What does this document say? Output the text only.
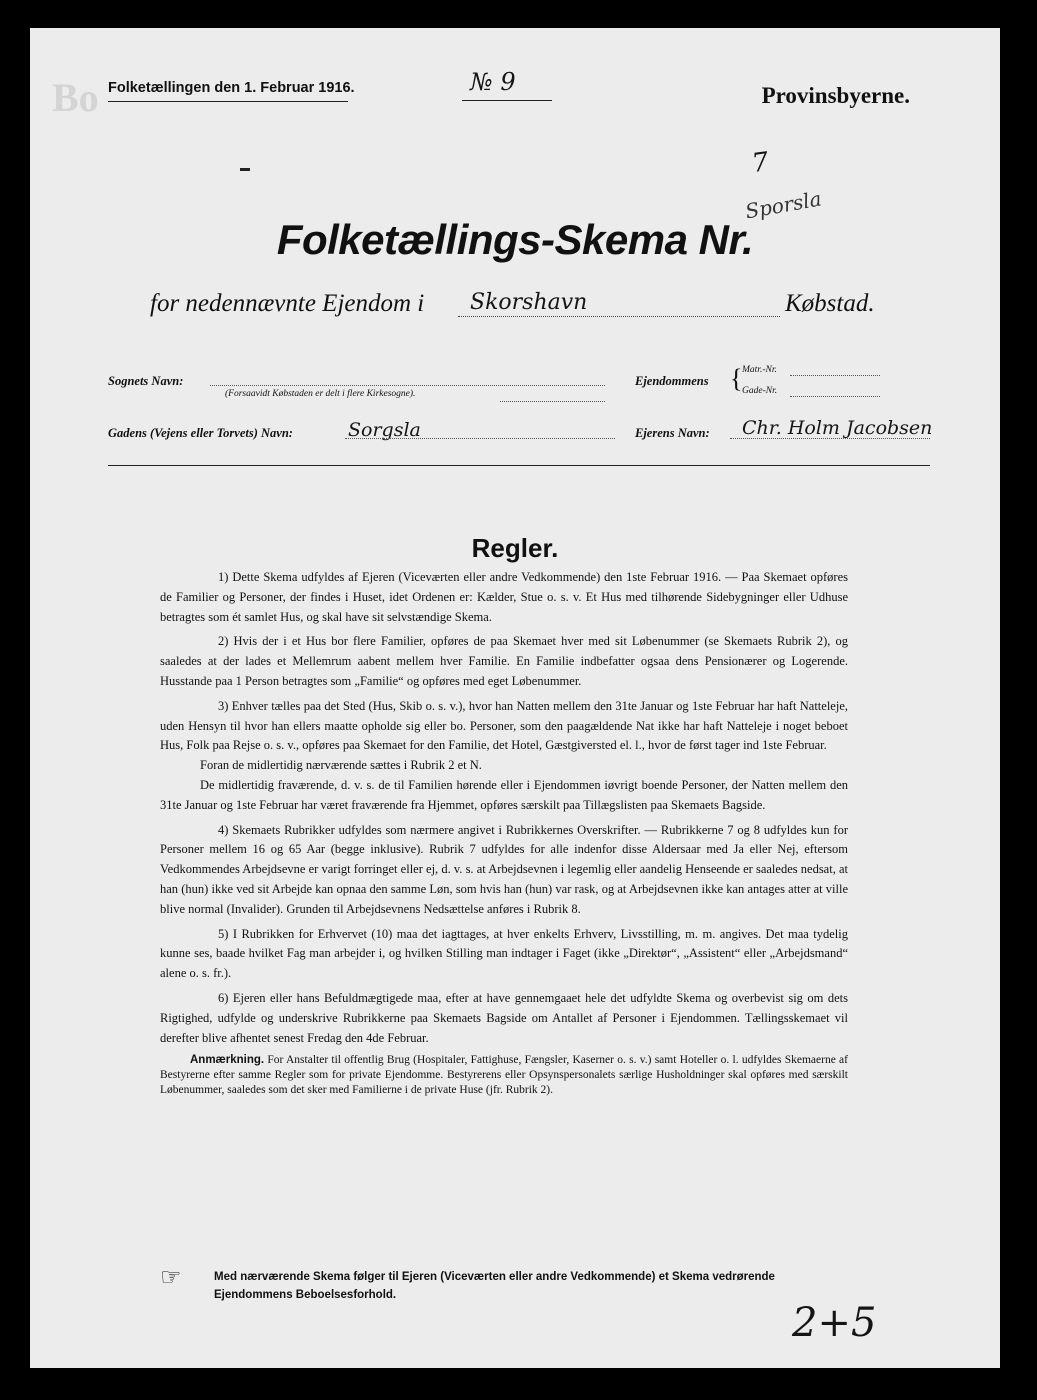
Bo Folketællingen den 1. Februar 1916.	№ 9	Provinsbyerne.
7
Sporsla
Folketællings-Skema Nr.
for nedennævnte Ejendom i Skorshavn	Købstad.
Sognets Navn:
(Forsaavidt Købstaden er delt i flere Kirkesogne).
Ejendommens { Matr.-Nr.
Gade-Nr.
Gadens (Vejens eller Torvets) Navn:	Sorgsla	Ejerens Navn: Chr. Holm Jacobsen
Regler.

1) Dette Skema udfyldes af Ejeren (Viceværten eller andre Vedkommende) den 1ste Februar 1916. — Paa Skemaet opføres de Familier og Personer, der findes i Huset, idet Ordenen er: Kælder, Stue o. s. v. Et Hus med tilhørende Sidebygninger eller Udhuse betragtes som ét samlet Hus, og skal have sit selvstændige Skema.

2) Hvis der i et Hus bor flere Familier, opføres de paa Skemaet hver med sit Løbenummer (se Skemaets Rubrik 2), og saaledes at der lades et Mellemrum aabent mellem hver Familie. En Familie indbefatter ogsaa dens Pensionærer og Logerende. Husstande paa 1 Person betragtes som „Familie“ og opføres med eget Løbenummer.

3) Enhver tælles paa det Sted (Hus, Skib o. s. v.), hvor han Natten mellem den 31te Januar og 1ste Februar har haft Natteleje, uden Hensyn til hvor han ellers maatte opholde sig eller bo. Personer, som den paagældende Nat ikke har haft Natteleje i noget beboet Hus, Folk paa Rejse o. s. v., opføres paa Skemaet for den Familie, det Hotel, Gæstgiversted el. l., hvor de først tager ind 1ste Februar.

Foran de midlertidig nærværende sættes i Rubrik 2 et N.

De midlertidig fraværende, d. v. s. de til Familien hørende eller i Ejendommen iøvrigt boende Personer, der Natten mellem den 31te Januar og 1ste Februar har været fraværende fra Hjemmet, opføres særskilt paa Tillægslisten paa Skemaets Bagside.

4) Skemaets Rubrikker udfyldes som nærmere angivet i Rubrikkernes Overskrifter. — Rubrikkerne 7 og 8 udfyldes kun for Personer mellem 16 og 65 Aar (begge inklusive). Rubrik 7 udfyldes for alle indenfor disse Aldersaar med Ja eller Nej, eftersom Vedkommendes Arbejdsevne er varigt forringet eller ej, d. v. s. at Arbejdsevnen i legemlig eller aandelig Henseende er saaledes nedsat, at han (hun) ikke ved sit Arbejde kan opnaa den samme Løn, som hvis han (hun) var rask, og at Arbejdsevnen ikke kan antages atter at ville blive normal (Invalider). Grunden til Arbejdsevnens Nedsættelse anføres i Rubrik 8.

5) I Rubrikken for Erhvervet (10) maa det iagttages, at hver enkelts Erhverv, Livsstilling, m. m. angives. Det maa tydelig kunne ses, baade hvilket Fag man arbejder i, og hvilken Stilling man indtager i Faget (ikke „Direktør“, „Assistent“ eller „Arbejdsmand“ alene o. s. fr.).

6) Ejeren eller hans Befuldmægtigede maa, efter at have gennemgaaet hele det udfyldte Skema og overbevist sig om dets Rigtighed, udfylde og underskrive Rubrikkerne paa Skemaets Bagside om Antallet af Personer i Ejendommen. Tællingsskemaet vil derefter blive afhentet senest Fredag den 4de Februar.

Anmærkning. For Anstalter til offentlig Brug (Hospitaler, Fattighuse, Fængsler, Kaserner o. s. v.) samt Hoteller o. l. udfyldes Skemaerne af Bestyrerne efter samme Regler som for private Ejendomme. Bestyrerens eller Opsynspersonalets særlige Husholdninger skal opføres med særskilt Løbenummer, saaledes som det sker med Familierne i de private Huse (jfr. Rubrik 2).

☞	Med nærværende Skema følger til Ejeren (Viceværten eller andre Vedkommende) et Skema vedrørende Ejendommens Beboelsesforhold.
2+5
